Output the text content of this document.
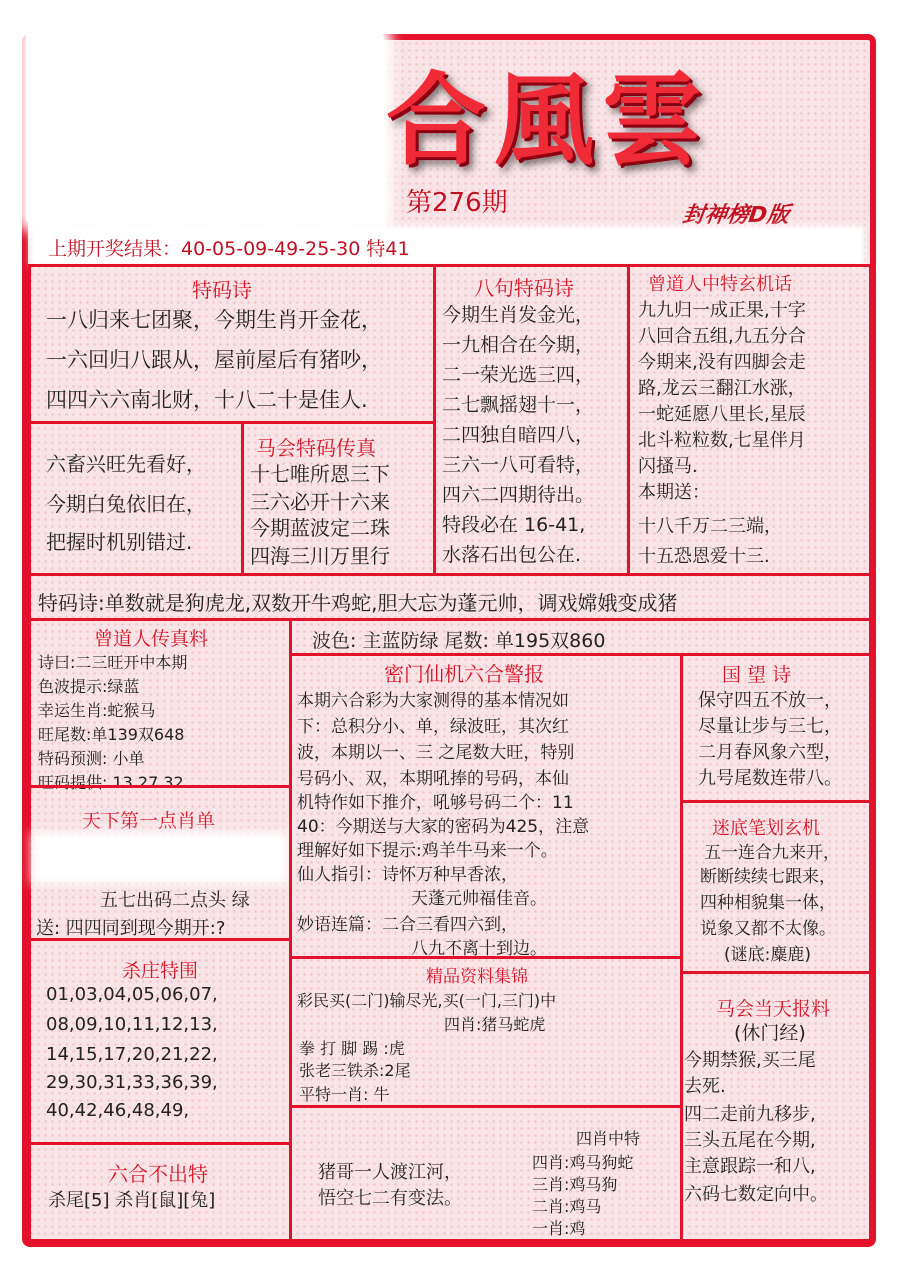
合風雲
第276期	封神榜D版
上期开奖结果：40-05-09-49-25-30 特41
特码诗
一八归来七团聚，今期生肖开金花，
一六回归八跟从，屋前屋后有猪吵，
四四六六南北财，十八二十是佳人.
八句特码诗
今期生肖发金光，
一九相合在今期，
二一荣光选三四，
二七飘摇翅十一，
二四独自暗四八，
三六一八可看特，
四六二四期待出。
特段必在 16-41,
水落石出包公在.
曾道人中特玄机话
九九归一成正果,十字
八回合五组,九五分合
今期来,没有四脚会走
路,龙云三翻江水涨，
一蛇延愿八里长,星辰
北斗粒粒数,七星伴月
闪搔马.
本期送：
十八千万二三端，
十五恐恩爱十三.
六畜兴旺先看好，
今期白兔依旧在，
把握时机别错过.
马会特码传真
十七唯所恩三下
三六必开十六来
今期蓝波定二珠
四海三川万里行
特码诗:单数就是狗虎龙,双数开牛鸡蛇,胆大忘为蓬元帅，调戏嫦娥变成猪
曾道人传真料
诗曰:二三旺开中本期
色波提示:绿蓝
幸运生肖:蛇猴马
旺尾数:单139双648
特码预测: 小单
旺码提供: 13 27 32
天下第一点肖单
五七出码二点头 绿
送: 四四同到现今期开:?
杀庄特围
01,03,04,05,06,07,
08,09,10,11,12,13,
14,15,17,20,21,22,
29,30,31,33,36,39,
40,42,46,48,49,
六合不出特
杀尾[5] 杀肖[鼠][兔]
波色: 主蓝防绿 尾数: 单195双860
密门仙机六合警报
本期六合彩为大家测得的基本情况如
下：总积分小、单，绿波旺，其次红
波，本期以一、三 之尾数大旺，特别
号码小、双，本期吼捧的号码，本仙
机特作如下推介，吼够号码二个：11
40：今期送与大家的密码为425，注意
理解好如下提示:鸡羊牛马来一个。
仙人指引：诗怀万种早香浓，
天蓬元帅福佳音。
妙语连篇：二合三看四六到，
八九不离十到边。
精品资料集锦
彩民买(二门)输尽光,买(一门,三门)中
四肖:猪马蛇虎
拳 打 脚 踢 :虎
张老三铁杀:2尾
平特一肖: 牛
猪哥一人渡江河，
悟空七二有变法。
四肖中特
四肖:鸡马狗蛇
三肖:鸡马狗
二肖:鸡马
一肖:鸡
国 望 诗
保守四五不放一，
尽量让步与三七，
二月春风象六型，
九号尾数连带八。
迷底笔划玄机
五一连合九来开，
断断续续七跟来，
四种相貌集一体，
说象又都不太像。
(谜底:麋鹿)
马会当天报料
(休门经)
今期禁猴,买三尾
去死.
四二走前九移步,
三头五尾在今期,
主意跟踪一和八,
六码七数定向中。
